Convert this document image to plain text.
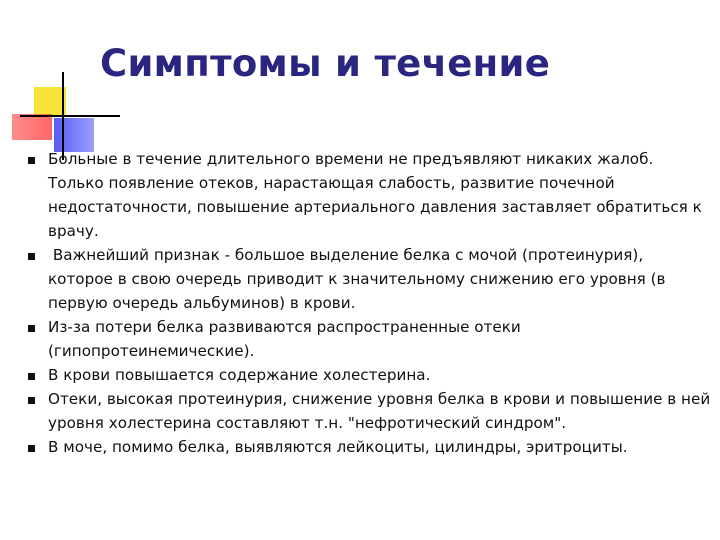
Симптомы и течение
Больные в течение длительного времени не предъявляют никаких жалоб. Только появление отеков, нарастающая слабость, развитие почечной недостаточности, повышение артериального давления заставляет обратиться к врачу.
Важнейший признак - большое выделение белка с мочой (протеинурия), которое в свою очередь приводит к значительному снижению его уровня (в первую очередь альбуминов) в крови.
Из-за потери белка развиваются распространенные отеки (гипопротеинемические).
В крови повышается содержание холестерина.
Отеки, высокая протеинурия, снижение уровня белка в крови и повышение в ней уровня холестерина составляют т.н. "нефротический синдром".
В моче, помимо белка, выявляются лейкоциты, цилиндры, эритроциты.
